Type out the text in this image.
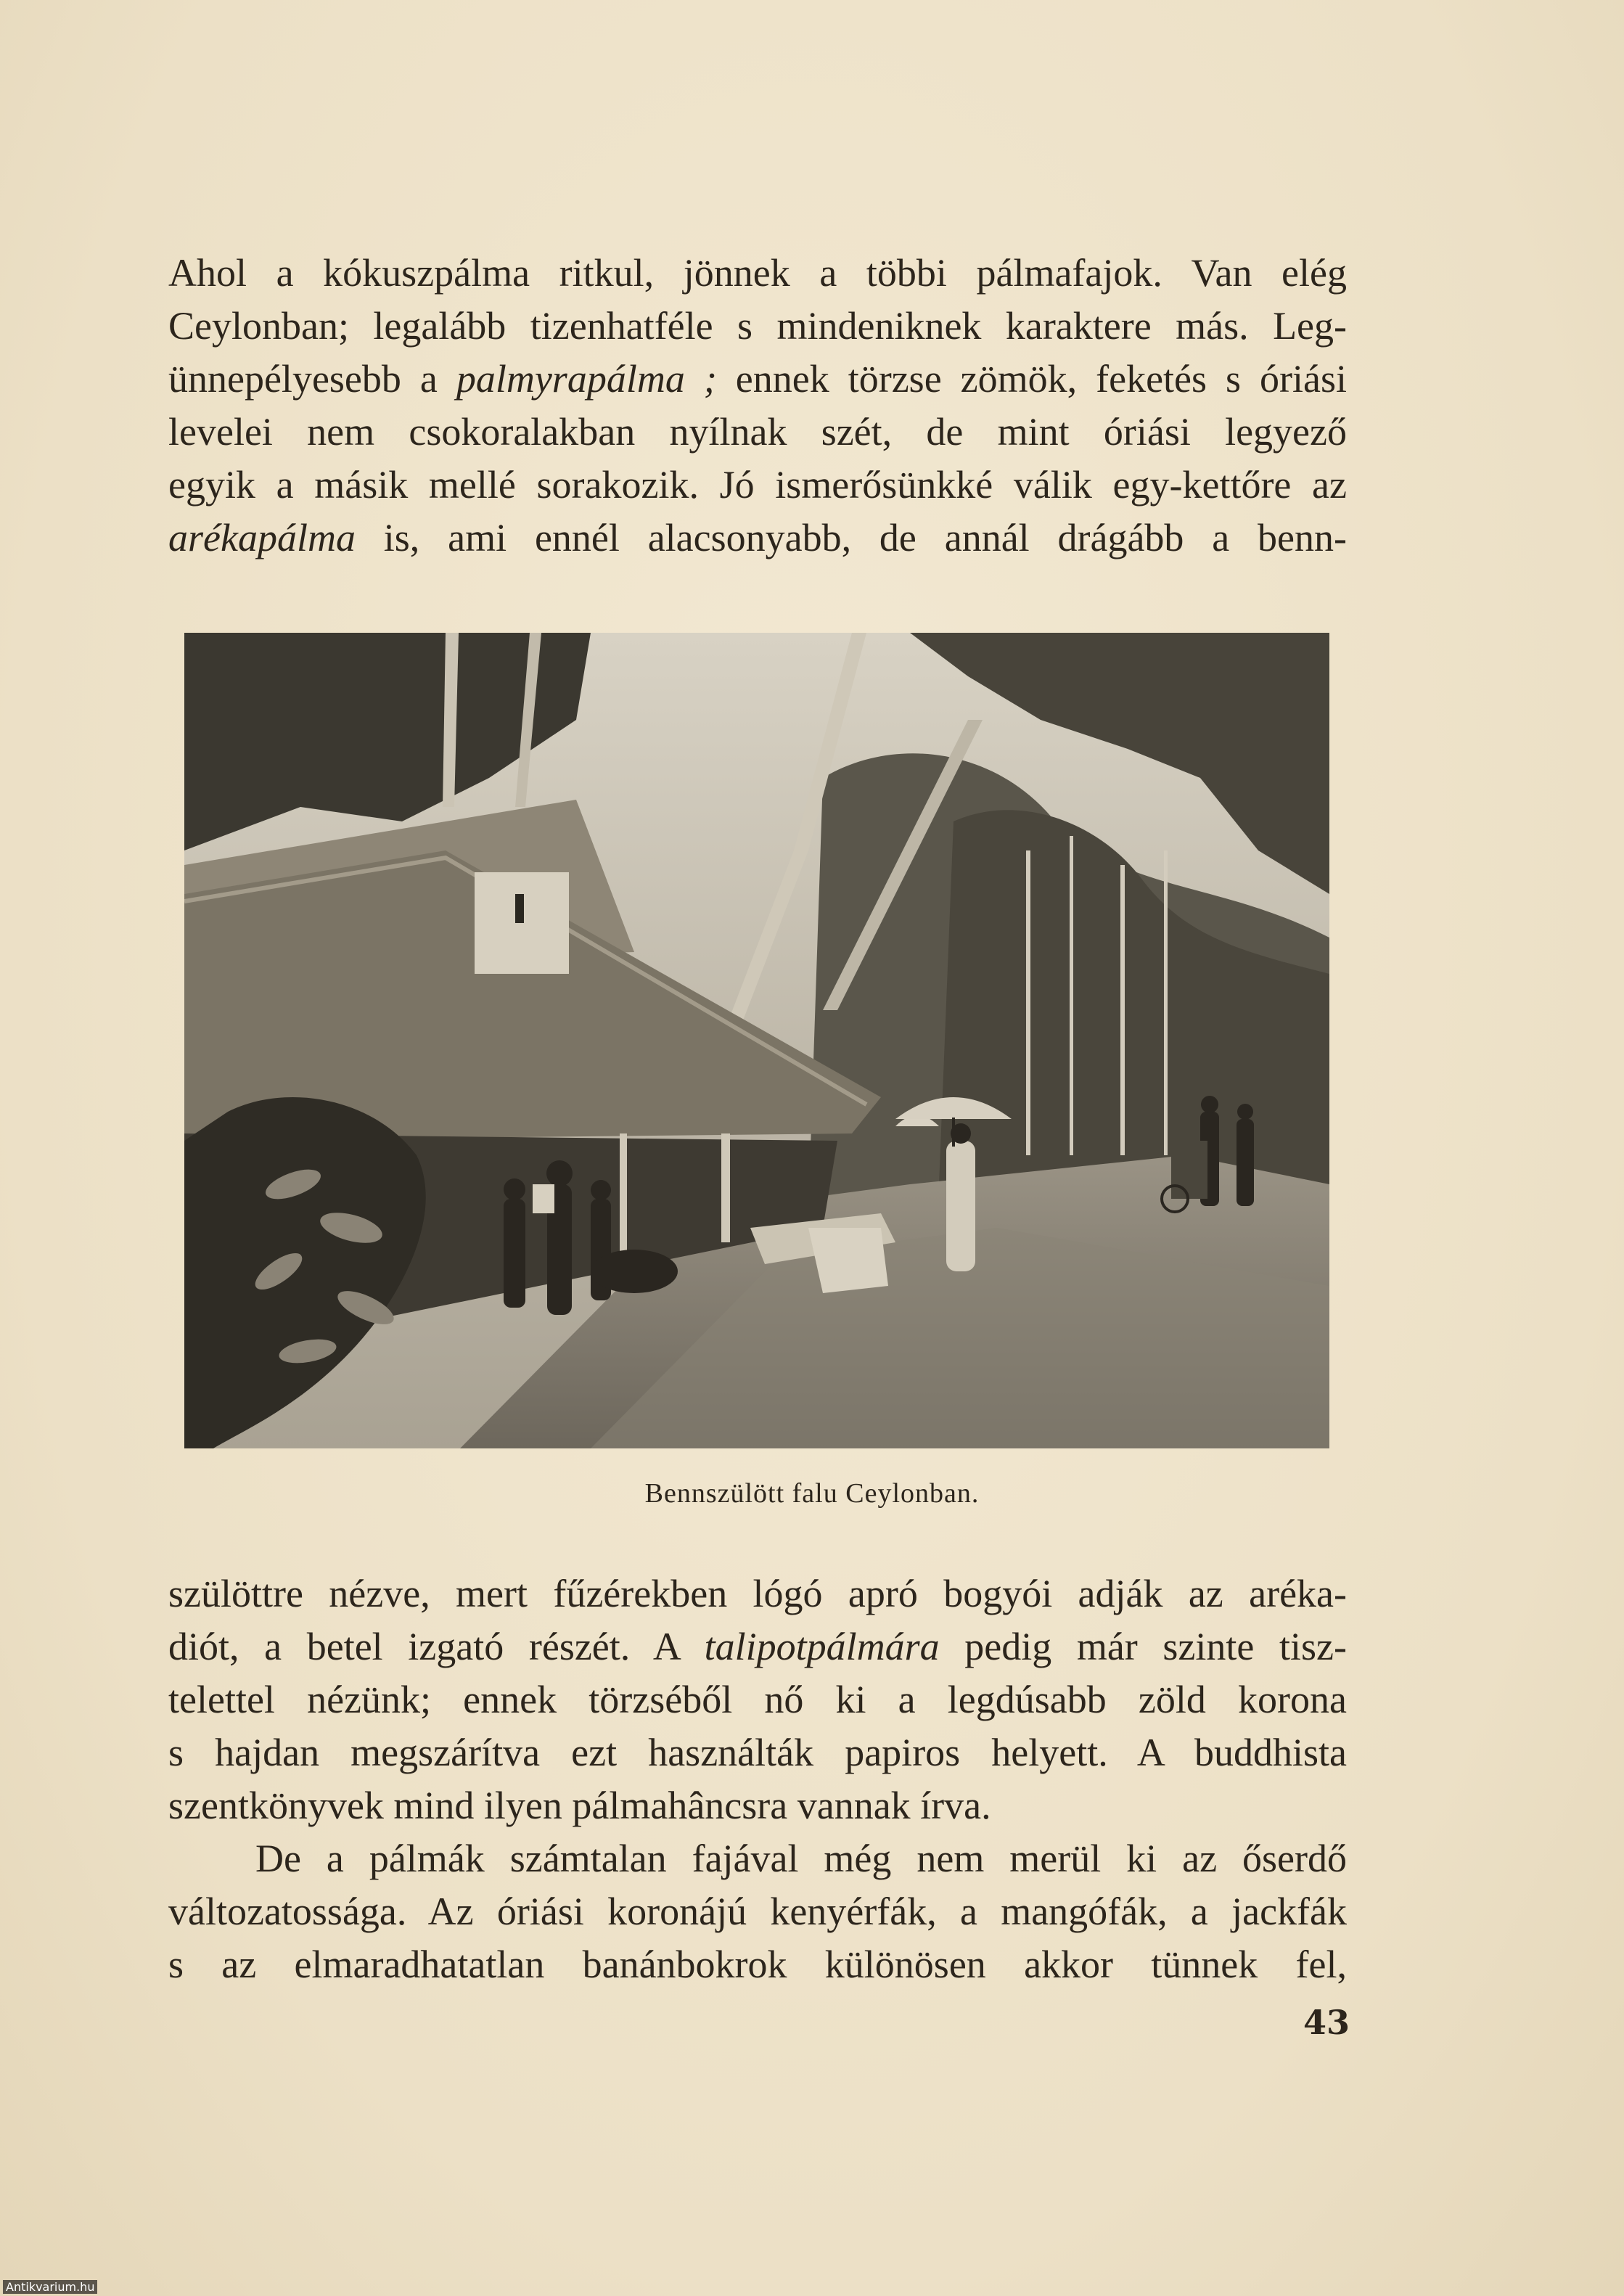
Ahol a kókuszpálma ritkul, jönnek a többi pálmafajok. Van elég
Ceylonban; legalább tizenhatféle s mindeniknek karaktere más. Leg-
ünnepélyesebb a palmyrapálma ; ennek törzse zömök, feketés s óriási
levelei nem csokoralakban nyílnak szét, de mint óriási legyező
egyik a másik mellé sorakozik. Jó ismerősünkké válik egy-kettőre az
arékapálma is, ami ennél alacsonyabb, de annál drágább a benn-
Bennszülött falu Ceylonban.
szülöttre nézve, mert fűzérekben lógó apró bogyói adják az aréka-
diót, a betel izgató részét. A talipotpálmára pedig már szinte tisz-
telettel nézünk; ennek törzséből nő ki a legdúsabb zöld korona
s hajdan megszárítva ezt használták papiros helyett. A buddhista
szentkönyvek mind ilyen pálmahâncsra vannak írva.
De a pálmák számtalan fajával még nem merül ki az őserdő
változatossága. Az óriási koronájú kenyérfák, a mangófák, a jackfák
s az elmaradhatatlan banánbokrok különösen akkor tünnek fel,
43
Antikvarium.hu
